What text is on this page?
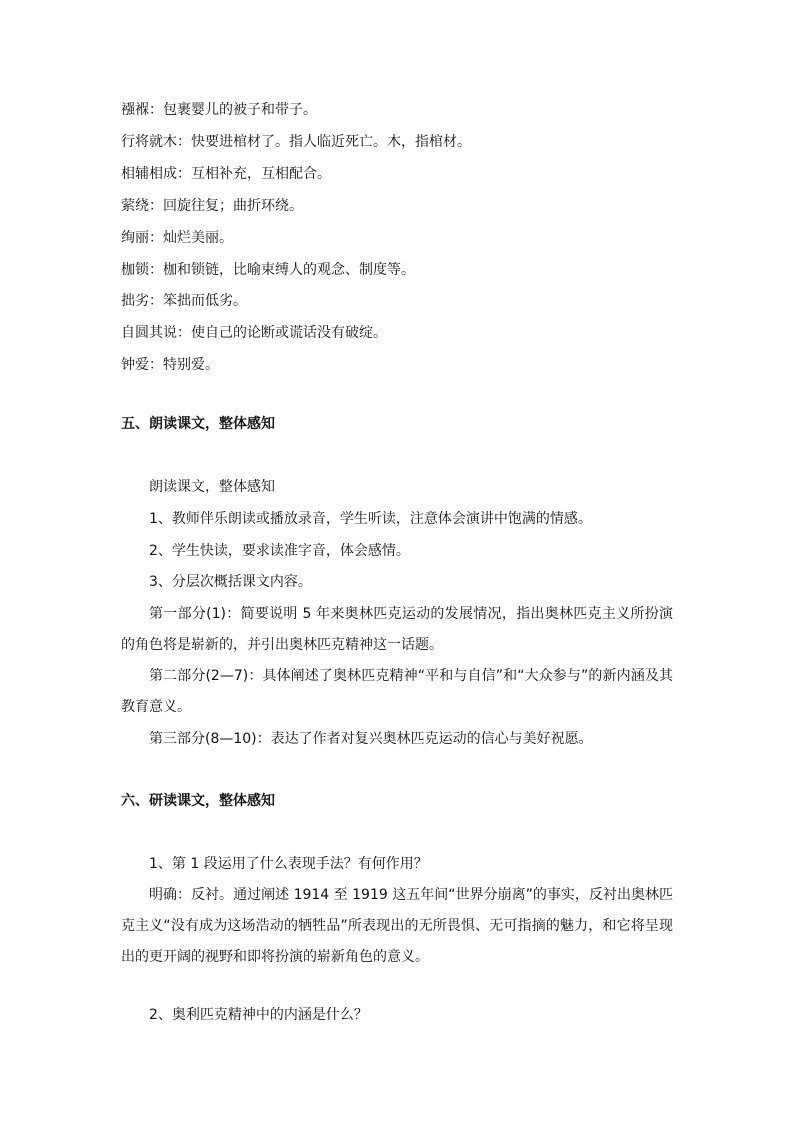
襁褓：包裹婴儿的被子和带子。
行将就木：快要进棺材了。指人临近死亡。木，指棺材。
相辅相成：互相补充，互相配合。
萦绕：回旋往复；曲折环绕。
绚丽：灿烂美丽。
枷锁：枷和锁链，比喻束缚人的观念、制度等。
拙劣：笨拙而低劣。
自圆其说：使自己的论断或谎话没有破绽。
钟爱：特别爱。
五、朗读课文，整体感知
朗读课文，整体感知
1、教师伴乐朗读或播放录音，学生听读，注意体会演讲中饱满的情感。
2、学生快读，要求读准字音，体会感情。
3、分层次概括课文内容。
第一部分(1)：简要说明 5 年来奥林匹克运动的发展情况，指出奥林匹克主义所扮演的角色将是崭新的，并引出奥林匹克精神这一话题。
第二部分(2—7)：具体阐述了奥林匹克精神“平和与自信”和“大众参与”的新内涵及其教育意义。
第三部分(8—10)：表达了作者对复兴奥林匹克运动的信心与美好祝愿。
六、研读课文，整体感知
1、第 1 段运用了什么表现手法？有何作用？
明确：反衬。通过阐述 1914 至 1919 这五年间“世界分崩离”的事实，反衬出奥林匹克主义“没有成为这场浩动的牺牲品”所表现出的无所畏惧、无可指摘的魅力，和它将呈现出的更开阔的视野和即将扮演的崭新角色的意义。
2、奥利匹克精神中的内涵是什么？
